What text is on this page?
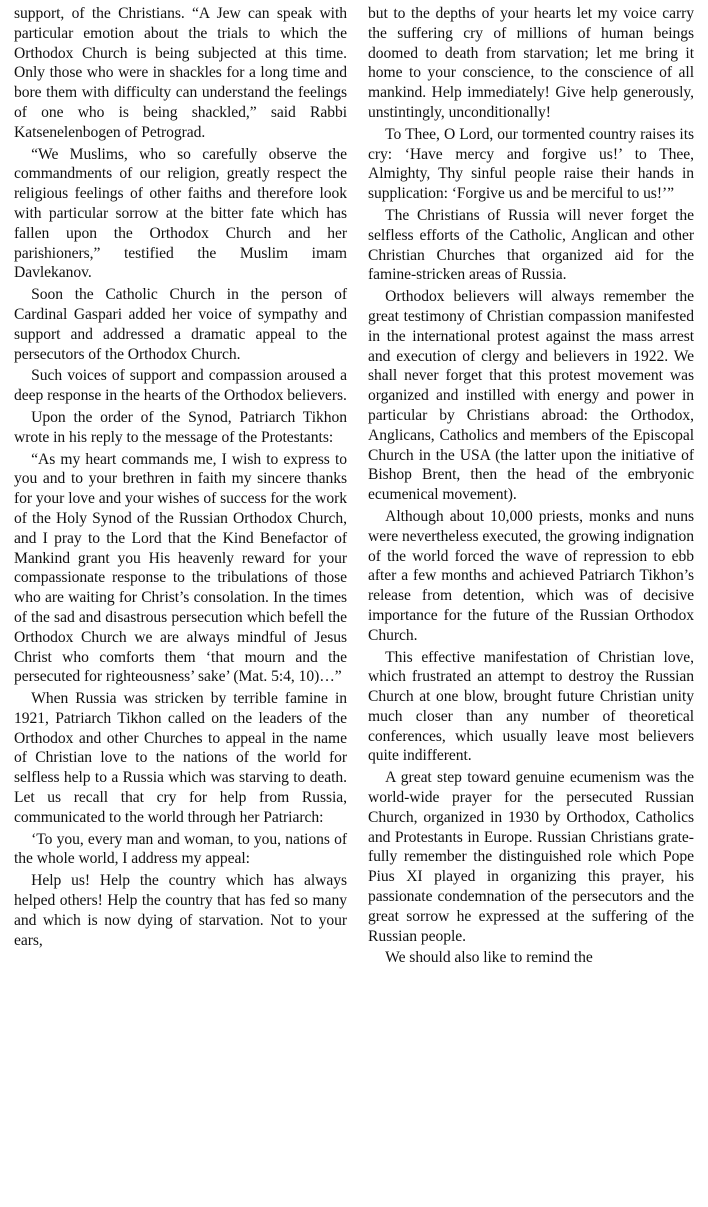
support, of the Christians. “A Jew can speak with particular emotion about the trials to which the Orthodox Church is being subjected at this time. Only those who were in shackles for a long time and bore them with difficulty can understand the feelings of one who is being shackled,” said Rabbi Katsenelenbogen of Petrograd.

“We Muslims, who so carefully observe the commandments of our religion, greatly respect the religious feelings of other faiths and therefore look with particular sorrow at the bitter fate which has fallen upon the Orthodox Church and her parishioners,” testified the Muslim imam Davlekanov.

Soon the Catholic Church in the person of Cardinal Gaspari added her voice of sympathy and support and addressed a dramatic appeal to the persecutors of the Orthodox Church.

Such voices of support and compassion aroused a deep response in the hearts of the Orthodox believers.

Upon the order of the Synod, Patriarch Tikhon wrote in his reply to the message of the Protestants:

“As my heart commands me, I wish to express to you and to your brethren in faith my sincere thanks for your love and your wishes of success for the work of the Holy Synod of the Russian Orthodox Church, and I pray to the Lord that the Kind Benefactor of Mankind grant you His heavenly reward for your compassionate response to the tribulations of those who are waiting for Christ’s consolation. In the times of the sad and disastrous persecution which befell the Orthodox Church we are always mindful of Jesus Christ who comforts them ‘that mourn and the persecuted for righteousness’ sake’ (Mat. 5:4, 10)…”

When Russia was stricken by terrible famine in 1921, Patriarch Tikhon called on the leaders of the Orthodox and other Churches to appeal in the name of Christian love to the nations of the world for selfless help to a Russia which was starving to death. Let us recall that cry for help from Russia, communicated to the world through her Patriarch:

‘To you, every man and woman, to you, nations of the whole world, I address my appeal:

Help us! Help the country which has always helped others! Help the country that has fed so many and which is now dying of starvation. Not to your ears,

but to the depths of your hearts let my voice carry the suffering cry of millions of human beings doomed to death from starvation; let me bring it home to your conscience, to the conscience of all mankind. Help immediately! Give help generously, unstintingly, unconditionally!

To Thee, O Lord, our tormented country raises its cry: ‘Have mercy and forgive us!’ to Thee, Almighty, Thy sinful people raise their hands in supplication: ‘Forgive us and be merciful to us!’”

The Christians of Russia will never forget the selfless efforts of the Catholic, Anglican and other Christian Churches that organized aid for the famine-stricken areas of Russia.

Orthodox believers will always remember the great testimony of Christian compassion manifested in the international protest against the mass arrest and execution of clergy and believers in 1922. We shall never forget that this protest movement was organized and instilled with energy and power in particular by Christians abroad: the Orthodox, Anglicans, Catholics and members of the Episcopal Church in the USA (the latter upon the initiative of Bishop Brent, then the head of the embryonic ecumenical movement).

Although about 10,000 priests, monks and nuns were nevertheless executed, the growing indignation of the world forced the wave of repression to ebb after a few months and achieved Patriarch Tikhon’s release from detention, which was of decisive importance for the future of the Russian Orthodox Church.

This effective manifestation of Christian love, which frustrated an attempt to destroy the Russian Church at one blow, brought future Christian unity much closer than any number of theoretical conferences, which usually leave most believers quite indifferent.

A great step toward genuine ecumenism was the world-wide prayer for the persecuted Russian Church, organized in 1930 by Orthodox, Catholics and Protestants in Europe. Russian Christians gratefully remember the distinguished role which Pope Pius XI played in organizing this prayer, his passionate condemnation of the persecutors and the great sorrow he expressed at the suffering of the Russian people.

We should also like to remind the
